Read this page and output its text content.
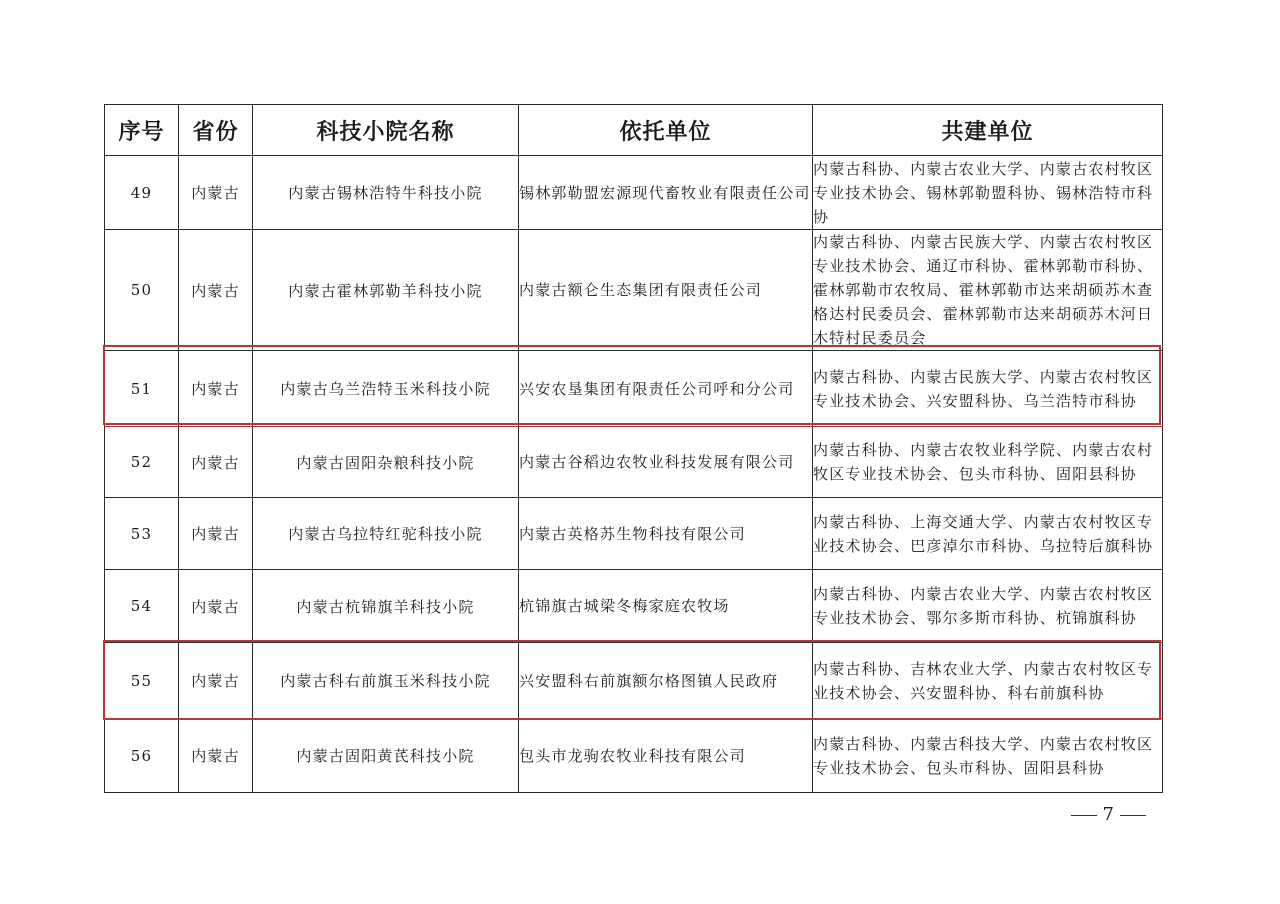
序号	省份	科技小院名称	依托单位	共建单位
49	内蒙古	内蒙古锡林浩特牛科技小院	锡林郭勒盟宏源现代畜牧业有限责任公司	内蒙古科协、内蒙古农业大学、内蒙古农村牧区专业技术协会、锡林郭勒盟科协、锡林浩特市科协
50	内蒙古	内蒙古霍林郭勒羊科技小院	内蒙古额仑生态集团有限责任公司	内蒙古科协、内蒙古民族大学、内蒙古农村牧区专业技术协会、通辽市科协、霍林郭勒市科协、霍林郭勒市农牧局、霍林郭勒市达来胡硕苏木查格达村民委员会、霍林郭勒市达来胡硕苏木河日木特村民委员会
51	内蒙古	内蒙古乌兰浩特玉米科技小院	兴安农垦集团有限责任公司呼和分公司	内蒙古科协、内蒙古民族大学、内蒙古农村牧区专业技术协会、兴安盟科协、乌兰浩特市科协
52	内蒙古	内蒙古固阳杂粮科技小院	内蒙古谷稻边农牧业科技发展有限公司	内蒙古科协、内蒙古农牧业科学院、内蒙古农村牧区专业技术协会、包头市科协、固阳县科协
53	内蒙古	内蒙古乌拉特红驼科技小院	内蒙古英格苏生物科技有限公司	内蒙古科协、上海交通大学、内蒙古农村牧区专业技术协会、巴彦淖尔市科协、乌拉特后旗科协
54	内蒙古	内蒙古杭锦旗羊科技小院	杭锦旗古城梁冬梅家庭农牧场	内蒙古科协、内蒙古农业大学、内蒙古农村牧区专业技术协会、鄂尔多斯市科协、杭锦旗科协
55	内蒙古	内蒙古科右前旗玉米科技小院	兴安盟科右前旗额尔格图镇人民政府	内蒙古科协、吉林农业大学、内蒙古农村牧区专业技术协会、兴安盟科协、科右前旗科协
56	内蒙古	内蒙古固阳黄芪科技小院	包头市龙驹农牧业科技有限公司	内蒙古科协、内蒙古科技大学、内蒙古农村牧区专业技术协会、包头市科协、固阳县科协
7
